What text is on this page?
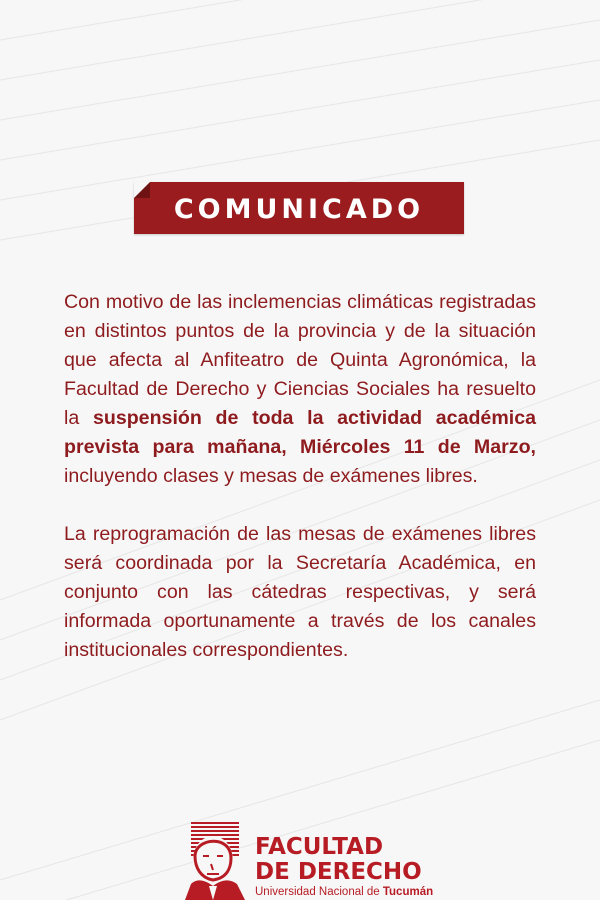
COMUNICADO

Con motivo de las inclemencias climáticas registradas en distintos puntos de la provincia y de la situación que afecta al Anfiteatro de Quinta Agronómica, la Facultad de Derecho y Ciencias Sociales ha resuelto la suspensión de toda la actividad académica prevista para mañana, Miércoles 11 de Marzo, incluyendo clases y mesas de exámenes libres.

La reprogramación de las mesas de exámenes libres será coordinada por la Secretaría Académica, en conjunto con las cátedras respectivas, y será informada oportunamente a través de los canales institucionales correspondientes.

FACULTAD
DE DERECHO
Universidad Nacional de Tucumán
